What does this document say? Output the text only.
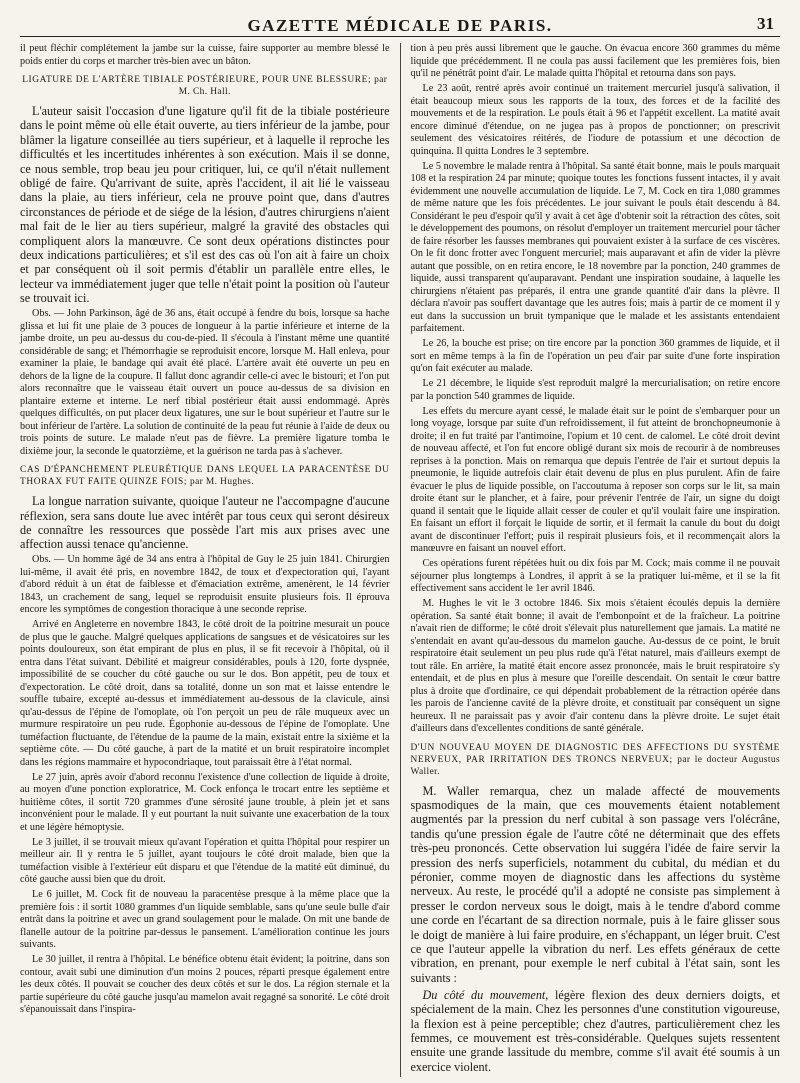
GAZETTE MÉDICALE DE PARIS.	31

il peut fléchir complétement la jambe sur la cuisse, faire supporter au membre blessé le poids entier du corps et marcher très-bien avec un bâton.

LIGATURE DE L'ARTÈRE TIBIALE POSTÉRIEURE, POUR UNE BLESSURE; par M. Ch. Hall.

L'auteur saisit l'occasion d'une ligature qu'il fit de la tibiale postérieure dans le point même où elle était ouverte, au tiers inférieur de la jambe, pour blâmer la ligature conseillée au tiers supérieur, et à laquelle il reproche les difficultés et les incertitudes inhérentes à son exécution. Mais il se donne, ce nous semble, trop beau jeu pour critiquer, lui, ce qu'il n'était nullement obligé de faire. Qu'arrivant de suite, après l'accident, il ait lié le vaisseau dans la plaie, au tiers inférieur, cela ne prouve point que, dans d'autres circonstances de période et de siége de la lésion, d'autres chirurgiens n'aient mal fait de le lier au tiers supérieur, malgré la gravité des obstacles qui compliquent alors la manœuvre. Ce sont deux opérations distinctes pour deux indications particulières; et s'il est des cas où l'on ait à faire un choix et par conséquent où il soit permis d'établir un parallèle entre elles, le lecteur va immédiatement juger que telle n'était point la position où l'auteur se trouvait ici.

Obs. — John Parkinson, âgé de 36 ans, était occupé à fendre du bois, lorsque sa hache glissa et lui fit une plaie de 3 pouces de longueur à la partie inférieure et interne de la jambe droite, un peu au-dessus du cou-de-pied. Il s'écoula à l'instant même une quantité considérable de sang; et l'hémorrhagie se reproduisit encore, lorsque M. Hall enleva, pour examiner la plaie, le bandage qui avait été placé. L'artère avait été ouverte un peu en dehors de la ligne de la coupure. Il fallut donc agrandir celle-ci avec le bistouri; et l'on put alors reconnaître que le vaisseau était ouvert un pouce au-dessus de sa division en plantaire externe et interne. Le nerf tibial postérieur était aussi endommagé. Après quelques difficultés, on put placer deux ligatures, une sur le bout supérieur et l'autre sur le bout inférieur de l'artère. La solution de continuité de la peau fut réunie à l'aide de deux ou trois points de suture. Le malade n'eut pas de fièvre. La première ligature tomba le dixième jour, la seconde le quatorzième, et la guérison ne tarda pas à s'achever.

CAS D'ÉPANCHEMENT PLEURÉTIQUE DANS LEQUEL LA PARACENTÈSE DU THORAX FUT FAITE QUINZE FOIS; par M. Hughes.

La longue narration suivante, quoique l'auteur ne l'accompagne d'aucune réflexion, sera sans doute lue avec intérêt par tous ceux qui seront désireux de connaître les ressources que possède l'art mis aux prises avec une affection aussi tenace qu'ancienne.

Obs. — Un homme âgé de 34 ans entra à l'hôpital de Guy le 25 juin 1841. Chirurgien lui-même, il avait été pris, en novembre 1842, de toux et d'expectoration qui, l'ayant d'abord réduit à un état de faiblesse et d'émaciation extrême, amenèrent, le 14 février 1843, un crachement de sang, lequel se reproduisit ensuite plusieurs fois. Il éprouva encore les symptômes de congestion thoracique à une seconde reprise.

Arrivé en Angleterre en novembre 1843, le côté droit de la poitrine mesurait un pouce de plus que le gauche. Malgré quelques applications de sangsues et de vésicatoires sur les points douloureux, son état empirant de plus en plus, il se fit recevoir à l'hôpital, où il entra dans l'état suivant. Débilité et maigreur considérables, pouls à 120, forte dyspnée, impossibilité de se coucher du côté gauche ou sur le dos. Bon appétit, peu de toux et d'expectoration. Le côté droit, dans sa totalité, donne un son mat et laisse entendre le souffle tubaire, excepté au-dessus et immédiatement au-dessous de la clavicule, ainsi qu'au-dessus de l'épine de l'omoplate, où l'on perçoit un peu de râle muqueux avec un murmure respiratoire un peu rude. Égophonie au-dessous de l'épine de l'omoplate. Une tuméfaction fluctuante, de l'étendue de la paume de la main, existait entre la sixième et la septième côte. — Du côté gauche, à part de la matité et un bruit respiratoire incomplet dans les régions mammaire et hypocondriaque, tout paraissait être à l'état normal.

Le 27 juin, après avoir d'abord reconnu l'existence d'une collection de liquide à droite, au moyen d'une ponction exploratrice, M. Cock enfonça le trocart entre les septième et huitième côtes, il sortit 720 grammes d'une sérosité jaune trouble, à plein jet et sans inconvénient pour le malade. Il y eut pourtant la nuit suivante une exacerbation de la toux et une légère hémoptysie.

Le 3 juillet, il se trouvait mieux qu'avant l'opération et quitta l'hôpital pour respirer un meilleur air. Il y rentra le 5 juillet, ayant toujours le côté droit malade, bien que la tuméfaction visible à l'extérieur eût disparu et que l'étendue de la matité eût diminué, du côté gauche aussi bien que du droit.

Le 6 juillet, M. Cock fit de nouveau la paracentèse presque à la même place que la première fois : il sortit 1080 grammes d'un liquide semblable, sans qu'une seule bulle d'air entrât dans la poitrine et avec un grand soulagement pour le malade. On mit une bande de flanelle autour de la poitrine par-dessus le pansement. L'amélioration continue les jours suivants.

Le 30 juillet, il rentra à l'hôpital. Le bénéfice obtenu était évident; la poitrine, dans son contour, avait subi une diminution d'un moins 2 pouces, réparti presque également entre les deux côtés. Il pouvait se coucher des deux côtés et sur le dos. La région sternale et la partie supérieure du côté gauche jusqu'au mamelon avait regagné sa sonorité. Le côté droit s'épanouissait dans l'inspira-

tion à peu près aussi librement que le gauche. On évacua encore 360 grammes du même liquide que précédemment. Il ne coula pas aussi facilement que les premières fois, bien qu'il ne pénétrât point d'air. Le malade quitta l'hôpital et retourna dans son pays.

Le 23 août, rentré après avoir continué un traitement mercuriel jusqu'à salivation, il était beaucoup mieux sous les rapports de la toux, des forces et de la facilité des mouvements et de la respiration. Le pouls était à 96 et l'appétit excellent. La matité avait encore diminué d'étendue, on ne jugea pas à propos de ponctionner; on prescrivit seulement des vésicatoires réitérés, de l'iodure de potassium et une décoction de quinquina. Il quitta Londres le 3 septembre.

Le 5 novembre le malade rentra à l'hôpital. Sa santé était bonne, mais le pouls marquait 108 et la respiration 24 par minute; quoique toutes les fonctions fussent intactes, il y avait évidemment une nouvelle accumulation de liquide. Le 7, M. Cock en tira 1,080 grammes de même nature que les fois précédentes. Le jour suivant le pouls était descendu à 84. Considérant le peu d'espoir qu'il y avait à cet âge d'obtenir soit la rétraction des côtes, soit le développement des poumons, on résolut d'employer un traitement mercuriel pour tâcher de faire résorber les fausses membranes qui pouvaient exister à la surface de ces viscères. On le fit donc frotter avec l'onguent mercuriel; mais auparavant et afin de vider la plèvre autant que possible, on en retira encore, le 18 novembre par la ponction, 240 grammes de liquide, aussi transparent qu'auparavant. Pendant une inspiration soudaine, à laquelle les chirurgiens n'étaient pas préparés, il entra une grande quantité d'air dans la plèvre. Il déclara n'avoir pas souffert davantage que les autres fois; mais à partir de ce moment il y eut dans la succussion un bruit tympanique que le malade et les assistants entendaient parfaitement.

Le 26, la bouche est prise; on tire encore par la ponction 360 grammes de liquide, et il sort en même temps à la fin de l'opération un peu d'air par suite d'une forte inspiration qu'on fait exécuter au malade.

Le 21 décembre, le liquide s'est reproduit malgré la mercurialisation; on retire encore par la ponction 540 grammes de liquide.

Les effets du mercure ayant cessé, le malade était sur le point de s'embarquer pour un long voyage, lorsque par suite d'un refroidissement, il fut atteint de bronchopneumonie à droite; il en fut traité par l'antimoine, l'opium et 10 cent. de calomel. Le côté droit devint de nouveau affecté, et l'on fut encore obligé durant six mois de recourir à de nombreuses reprises à la ponction. Mais on remarqua que depuis l'entrée de l'air et surtout depuis la pneumonie, le liquide autrefois clair était devenu de plus en plus purulent. Afin de faire évacuer le plus de liquide possible, on l'accoutuma à reposer son corps sur le lit, sa main droite étant sur le plancher, et à faire, pour prévenir l'entrée de l'air, un signe du doigt quand il sentait que le liquide allait cesser de couler et qu'il voulait faire une inspiration. En faisant un effort il forçait le liquide de sortir, et il fermait la canule du bout du doigt avant de discontinuer l'effort; puis il respirait plusieurs fois, et il recommençait alors la manœuvre en faisant un nouvel effort.

Ces opérations furent répétées huit ou dix fois par M. Cock; mais comme il ne pouvait séjourner plus longtemps à Londres, il apprit à se la pratiquer lui-même, et il se la fit effectivement sans accident le 1er avril 1846.

M. Hughes le vit le 3 octobre 1846. Six mois s'étaient écoulés depuis la dernière opération. Sa santé était bonne; il avait de l'embonpoint et de la fraîcheur. La poitrine n'avait rien de difforme; le côté droit s'élevait plus naturellement que jamais. La matité ne s'entendait en avant qu'au-dessous du mamelon gauche. Au-dessus de ce point, le bruit respiratoire était seulement un peu plus rude qu'à l'état naturel, mais d'ailleurs exempt de tout râle. En arrière, la matité était encore assez prononcée, mais le bruit respiratoire s'y entendait, et de plus en plus à mesure que l'oreille descendait. On sentait le cœur battre plus à droite que d'ordinaire, ce qui dépendait probablement de la rétraction opérée dans les parois de l'ancienne cavité de la plèvre droite, et constituait par conséquent un signe heureux. Il ne paraissait pas y avoir d'air contenu dans la plèvre droite. Le sujet était d'ailleurs dans d'excellentes conditions de santé générale.

D'UN NOUVEAU MOYEN DE DIAGNOSTIC DES AFFECTIONS DU SYSTÈME NERVEUX, PAR IRRITATION DES TRONCS NERVEUX; par le docteur Augustus Waller.

M. Waller remarqua, chez un malade affecté de mouvements spasmodiques de la main, que ces mouvements étaient notablement augmentés par la pression du nerf cubital à son passage vers l'olécrâne, tandis qu'une pression égale de l'autre côté ne déterminait que des effets très-peu prononcés. Cette observation lui suggéra l'idée de faire servir la pression des nerfs superficiels, notamment du cubital, du médian et du péronier, comme moyen de diagnostic dans les affections du système nerveux. Au reste, le procédé qu'il a adopté ne consiste pas simplement à presser le cordon nerveux sous le doigt, mais à le tendre d'abord comme une corde en l'écartant de sa direction normale, puis à le faire glisser sous le doigt de manière à lui faire produire, en s'échappant, un léger bruit. C'est ce que l'auteur appelle la vibration du nerf. Les effets généraux de cette vibration, en prenant, pour exemple le nerf cubital à l'état sain, sont les suivants :

Du côté du mouvement, légère flexion des deux derniers doigts, et spécialement de la main. Chez les personnes d'une constitution vigoureuse, la flexion est à peine perceptible; chez d'autres, particulièrement chez les femmes, ce mouvement est très-considérable. Quelques sujets ressentent ensuite une grande lassitude du membre, comme s'il avait été soumis à un exercice violent.
